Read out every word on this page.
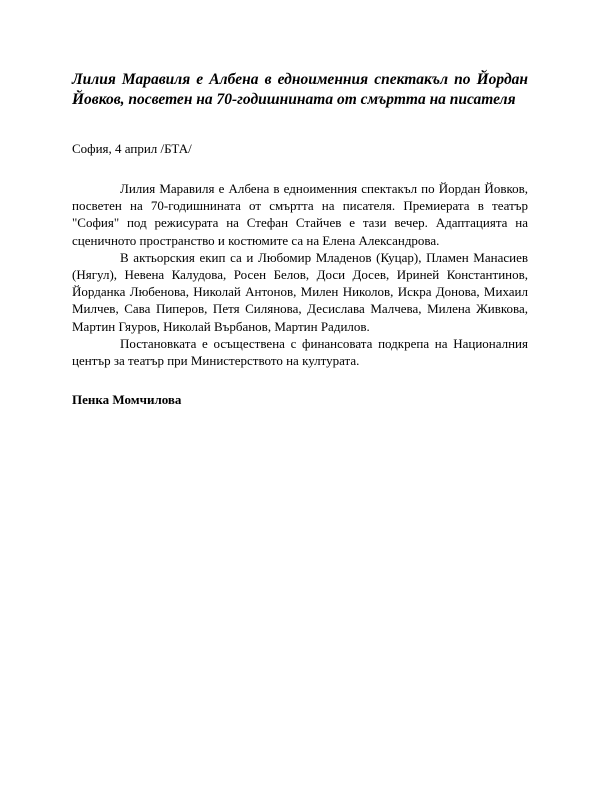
Лилия Маравиля е Албена в едноименния спектакъл по Йордан Йовков, посветен на 70-годишнината от смъртта на писателя
София, 4 април /БТА/

Лилия Маравиля е Албена в едноименния спектакъл по Йордан Йовков, посветен на 70-годишнината от смъртта на писателя. Премиерата в театър "София" под режисурата на Стефан Стайчев е тази вечер. Адаптацията на сценичното пространство и костюмите са на Елена Александрова.

В актьорския екип са и Любомир Младенов (Куцар), Пламен Манасиев (Нягул), Невена Калудова, Росен Белов, Доси Досев, Ириней Константинов, Йорданка Любенова, Николай Антонов, Милен Николов, Искра Донова, Михаил Милчев, Сава Пиперов, Петя Силянова, Десислава Малчева, Милена Живкова, Мартин Гяуров, Николай Върбанов, Мартин Радилов.

Постановката е осъществена с финансовата подкрепа на Националния център за театър при Министерството на културата.

Пенка Момчилова
